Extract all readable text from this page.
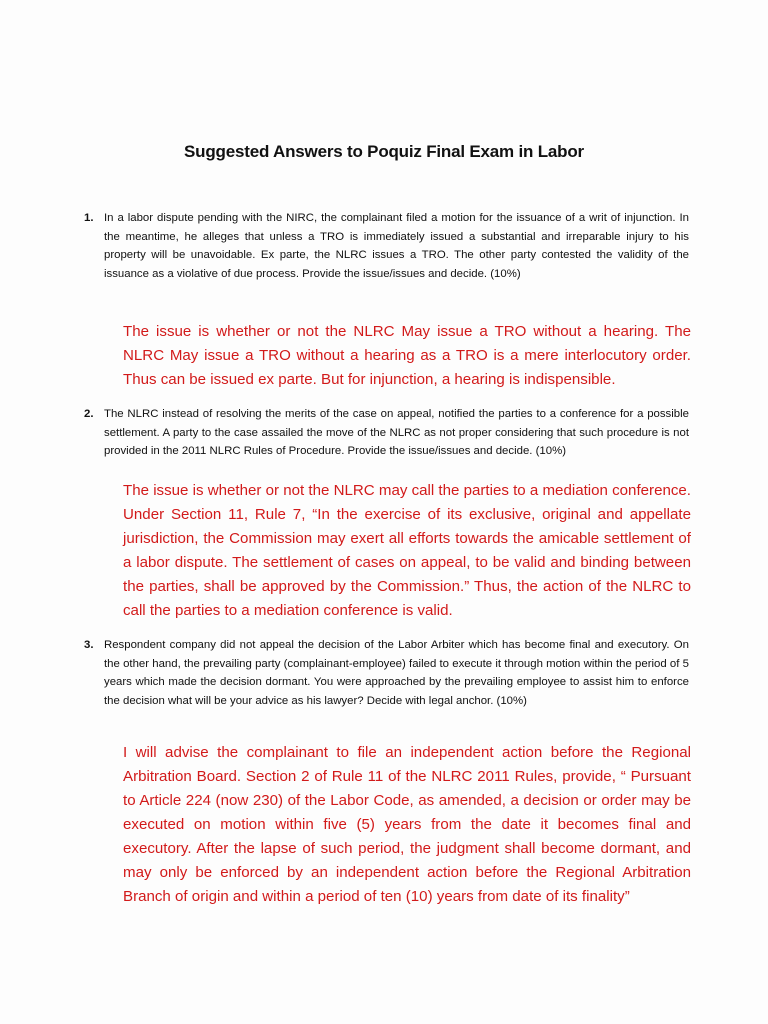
Suggested Answers to Poquiz Final Exam in Labor
1. In a labor dispute pending with the NIRC, the complainant filed a motion for the issuance of a writ of injunction. In the meantime, he alleges that unless a TRO is immediately issued a substantial and irreparable injury to his property will be unavoidable. Ex parte, the NLRC issues a TRO. The other party contested the validity of the issuance as a violative of due process. Provide the issue/issues and decide. (10%)
The issue is whether or not the NLRC May issue a TRO without a hearing. The NLRC May issue a TRO without a hearing as a TRO is a mere interlocutory order. Thus can be issued ex parte. But for injunction, a hearing is indispensible.
2. The NLRC instead of resolving the merits of the case on appeal, notified the parties to a conference for a possible settlement. A party to the case assailed the move of the NLRC as not proper considering that such procedure is not provided in the 2011 NLRC Rules of Procedure. Provide the issue/issues and decide. (10%)
The issue is whether or not the NLRC may call the parties to a mediation conference. Under Section 11, Rule 7, “In the exercise of its exclusive, original and appellate jurisdiction, the Commission may exert all efforts towards the amicable settlement of a labor dispute. The settlement of cases on appeal, to be valid and binding between the parties, shall be approved by the Commission.” Thus, the action of the NLRC to call the parties to a mediation conference is valid.
3. Respondent company did not appeal the decision of the Labor Arbiter which has become final and executory. On the other hand, the prevailing party (complainant-employee) failed to execute it through motion within the period of 5 years which made the decision dormant. You were approached by the prevailing employee to assist him to enforce the decision what will be your advice as his lawyer? Decide with legal anchor. (10%)
I will advise the complainant to file an independent action before the Regional Arbitration Board. Section 2 of Rule 11 of the NLRC 2011 Rules, provide, “ Pursuant to Article 224 (now 230) of the Labor Code, as amended, a decision or order may be executed on motion within five (5) years from the date it becomes final and executory. After the lapse of such period, the judgment shall become dormant, and may only be enforced by an independent action before the Regional Arbitration Branch of origin and within a period of ten (10) years from date of its finality”
